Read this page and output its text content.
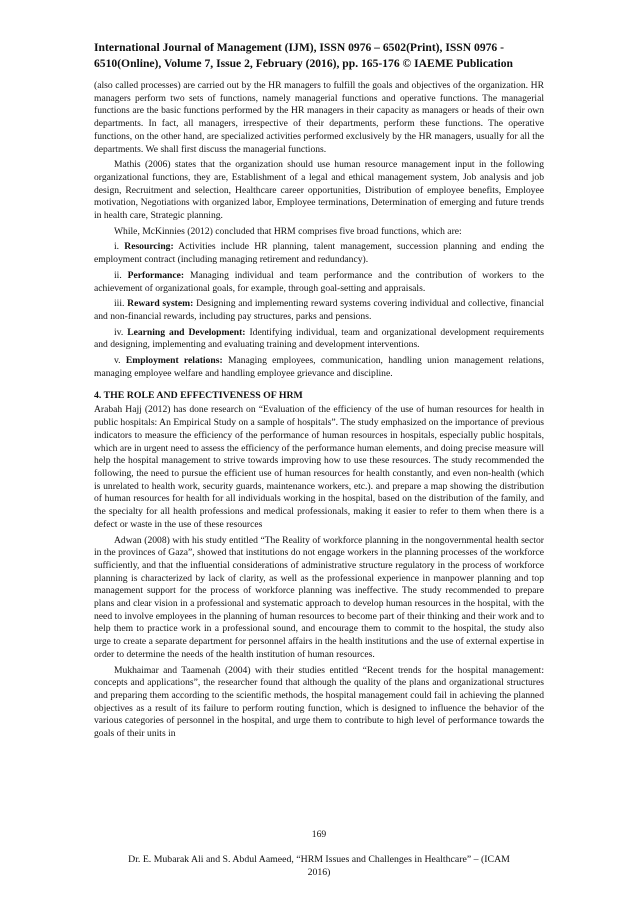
International Journal of Management (IJM), ISSN 0976 – 6502(Print), ISSN 0976 -
6510(Online), Volume 7, Issue 2, February (2016), pp. 165-176 © IAEME Publication

(also called processes) are carried out by the HR managers to fulfill the goals and objectives of the organization. HR managers perform two sets of functions, namely managerial functions and operative functions. The managerial functions are the basic functions performed by the HR managers in their capacity as managers or heads of their own departments. In fact, all managers, irrespective of their departments, perform these functions. The operative functions, on the other hand, are specialized activities performed exclusively by the HR managers, usually for all the departments. We shall first discuss the managerial functions.

Mathis (2006) states that the organization should use human resource management input in the following organizational functions, they are, Establishment of a legal and ethical management system, Job analysis and job design, Recruitment and selection, Healthcare career opportunities, Distribution of employee benefits, Employee motivation, Negotiations with organized labor, Employee terminations, Determination of emerging and future trends in health care, Strategic planning.

While, McKinnies (2012) concluded that HRM comprises five broad functions, which are:

i. Resourcing: Activities include HR planning, talent management, succession planning and ending the employment contract (including managing retirement and redundancy).

ii. Performance: Managing individual and team performance and the contribution of workers to the achievement of organizational goals, for example, through goal-setting and appraisals.

iii. Reward system: Designing and implementing reward systems covering individual and collective, financial and non-financial rewards, including pay structures, parks and pensions.

iv. Learning and Development: Identifying individual, team and organizational development requirements and designing, implementing and evaluating training and development interventions.

v. Employment relations: Managing employees, communication, handling union management relations, managing employee welfare and handling employee grievance and discipline.

4. THE ROLE AND EFFECTIVENESS OF HRM

Arabah Hajj (2012) has done research on “Evaluation of the efficiency of the use of human resources for health in public hospitals: An Empirical Study on a sample of hospitals”. The study emphasized on the importance of previous indicators to measure the efficiency of the performance of human resources in hospitals, especially public hospitals, which are in urgent need to assess the efficiency of the performance human elements, and doing precise measure will help the hospital management to strive towards improving how to use these resources. The study recommended the following, the need to pursue the efficient use of human resources for health constantly, and even non-health (which is unrelated to health work, security guards, maintenance workers, etc.). and prepare a map showing the distribution of human resources for health for all individuals working in the hospital, based on the distribution of the family, and the specialty for all health professions and medical professionals, making it easier to refer to them when there is a defect or waste in the use of these resources

Adwan (2008) with his study entitled “The Reality of workforce planning in the nongovernmental health sector in the provinces of Gaza”, showed that institutions do not engage workers in the planning processes of the workforce sufficiently, and that the influential considerations of administrative structure regulatory in the process of workforce planning is characterized by lack of clarity, as well as the professional experience in manpower planning and top management support for the process of workforce planning was ineffective. The study recommended to prepare plans and clear vision in a professional and systematic approach to develop human resources in the hospital, with the need to involve employees in the planning of human resources to become part of their thinking and their work and to help them to practice work in a professional sound, and encourage them to commit to the hospital, the study also urge to create a separate department for personnel affairs in the health institutions and the use of external expertise in order to determine the needs of the health institution of human resources.

Mukhaimar and Taamenah (2004) with their studies entitled “Recent trends for the hospital management: concepts and applications”, the researcher found that although the quality of the plans and organizational structures and preparing them according to the scientific methods, the hospital management could fail in achieving the planned objectives as a result of its failure to perform routing function, which is designed to influence the behavior of the various categories of personnel in the hospital, and urge them to contribute to high level of performance towards the goals of their units in

169
Dr. E. Mubarak Ali and S. Abdul Aameed, “HRM Issues and Challenges in Healthcare” – (ICAM
2016)
